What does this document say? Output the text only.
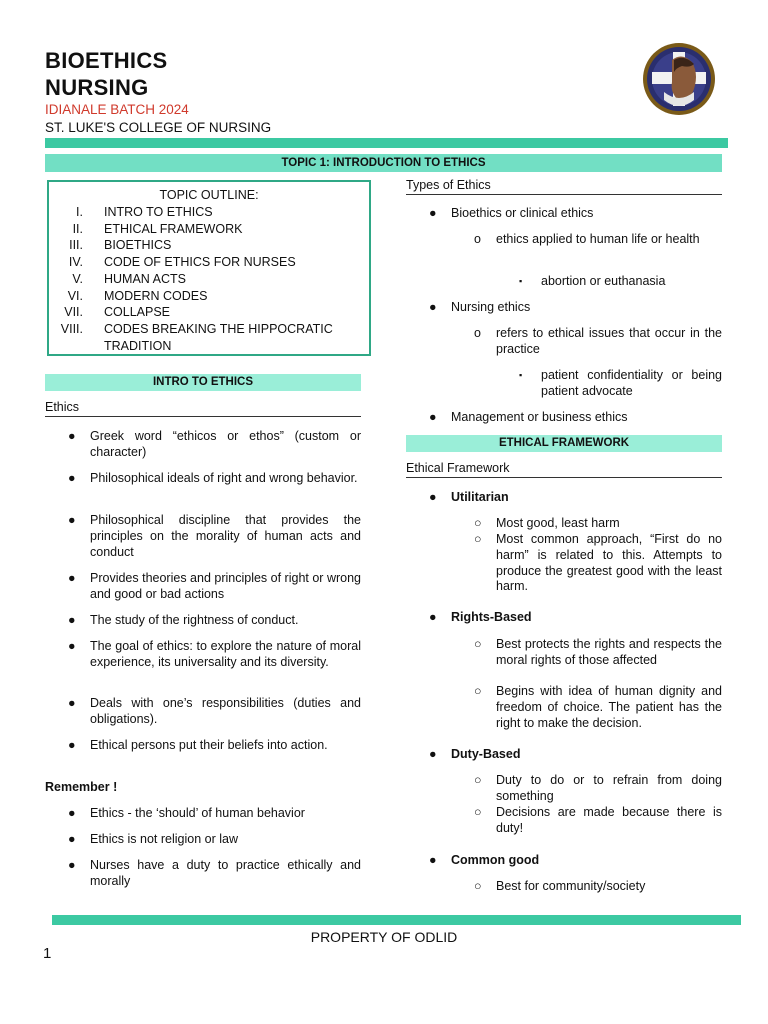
BIOETHICS
NURSING
IDIANALE BATCH 2024
ST. LUKE'S COLLEGE OF NURSING
TOPIC 1: INTRODUCTION TO ETHICS
TOPIC OUTLINE:
I.	INTRO TO ETHICS
II.	ETHICAL FRAMEWORK
III.	BIOETHICS
IV.	CODE OF ETHICS FOR NURSES
V.	HUMAN ACTS
VI.	MODERN CODES
VII.	COLLAPSE
VIII.	CODES BREAKING THE HIPPOCRATIC TRADITION
INTRO TO ETHICS
Ethics
● Greek word “ethicos or ethos” (custom or character)
● Philosophical ideals of right and wrong behavior.
● Philosophical discipline that provides the principles on the morality of human acts and conduct
● Provides theories and principles of right or wrong and good or bad actions
● The study of the rightness of conduct.
● The goal of ethics: to explore the nature of moral experience, its universality and its diversity.
● Deals with one’s responsibilities (duties and obligations).
● Ethical persons put their beliefs into action.
Remember !
● Ethics - the ‘should’ of human behavior
● Ethics is not religion or law
● Nurses have a duty to practice ethically and morally
Types of Ethics
● Bioethics or clinical ethics
o ethics applied to human life or health
▪ abortion or euthanasia
● Nursing ethics
o refers to ethical issues that occur in the practice
▪ patient confidentiality or being patient advocate
● Management or business ethics
ETHICAL FRAMEWORK
Ethical Framework
● Utilitarian
○ Most good, least harm
○ Most common approach, “First do no harm” is related to this. Attempts to produce the greatest good with the least harm.
● Rights-Based
○ Best protects the rights and respects the moral rights of those affected
○ Begins with idea of human dignity and freedom of choice. The patient has the right to make the decision.
● Duty-Based
○ Duty to do or to refrain from doing something
○ Decisions are made because there is duty!
● Common good
○ Best for community/society
PROPERTY OF ODLID
1
